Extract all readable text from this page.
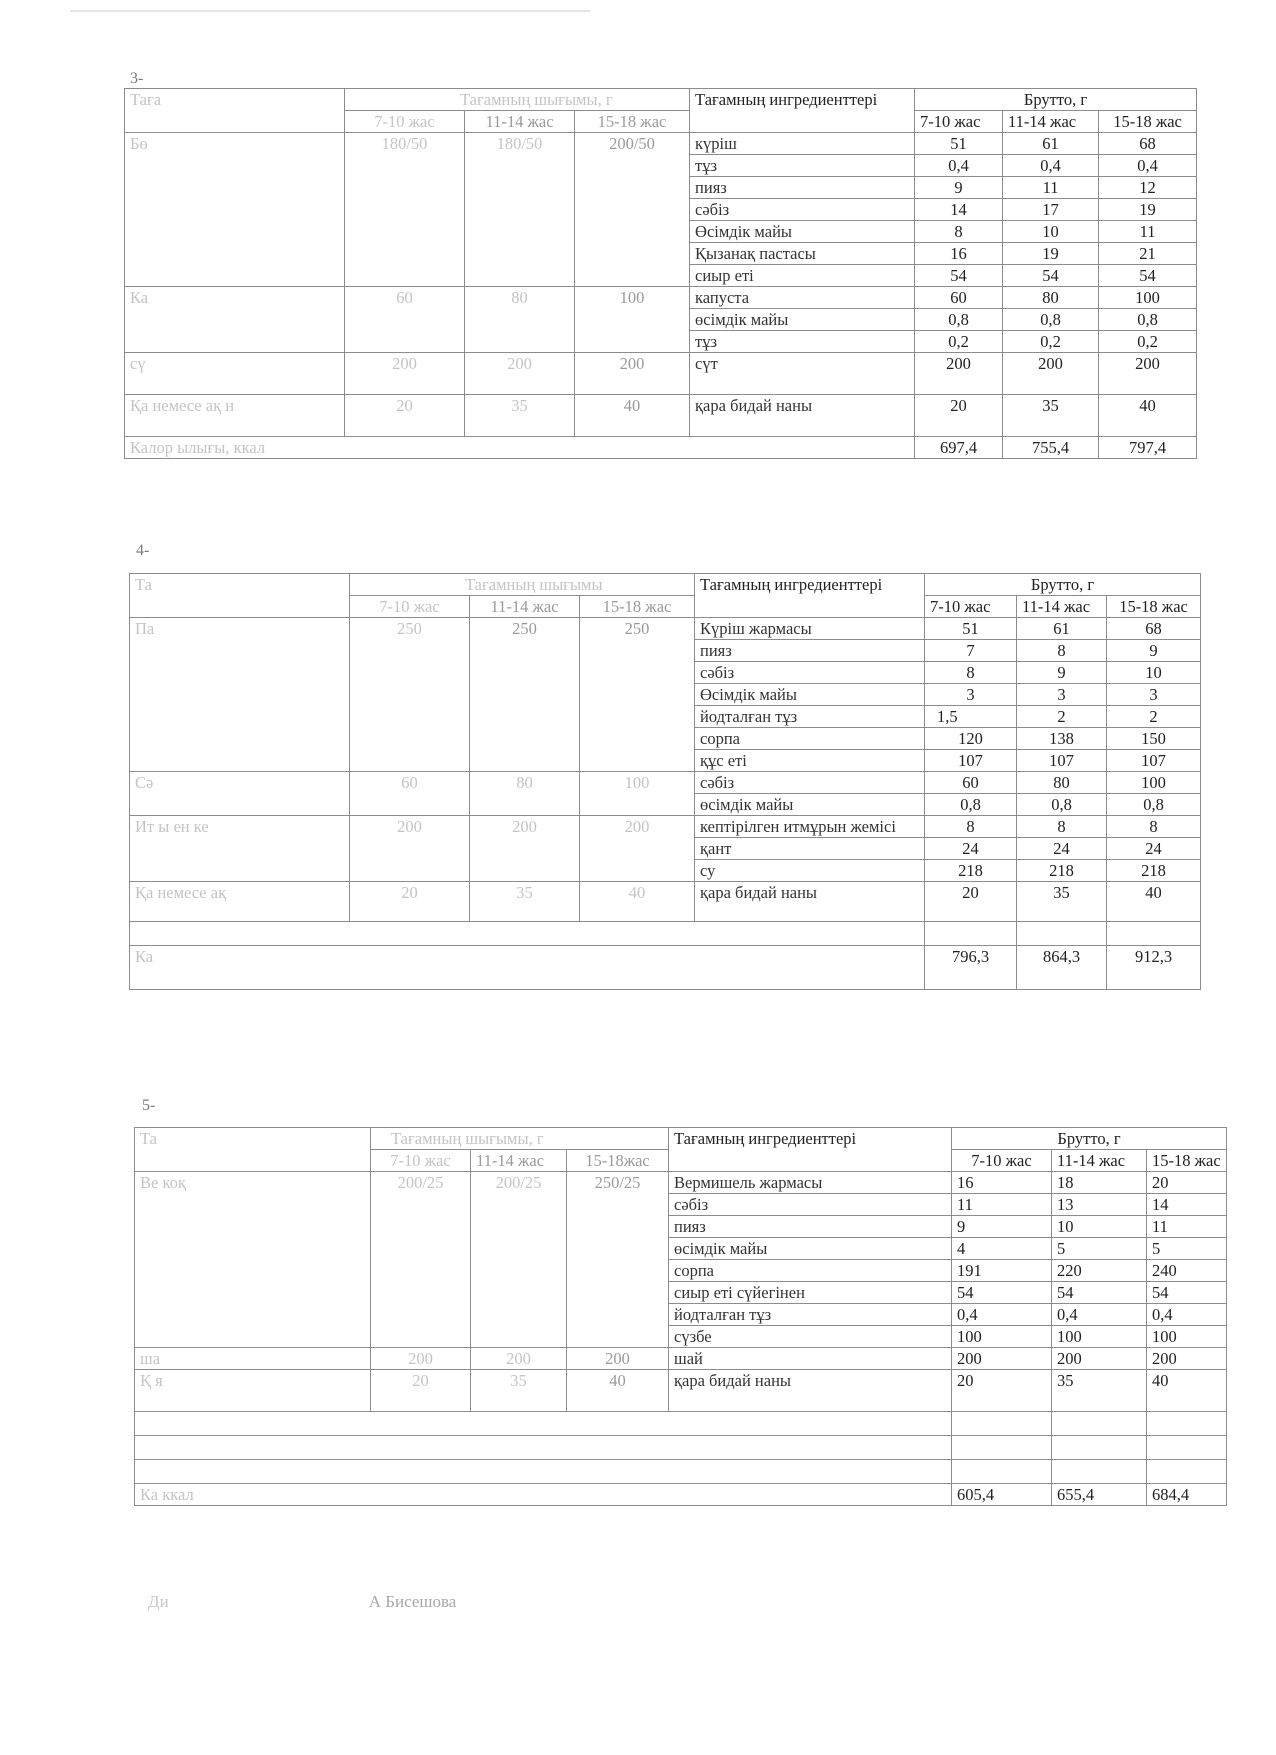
3-
Таға	Тағамның шығымы, г			Тағамның ингредиенттері	Брутто, г		
	7-10 жас	11-14 жас	15-18 жас		7-10 жас	11-14 жас	15-18 жас
Бө	180/50	180/50	200/50	күріш	51	61	68
				тұз	0,4	0,4	0,4
				пияз	9	11	12
				сәбіз	14	17	19
				Өсімдік майы	8	10	11
				Қызанақ пастасы	16	19	21
				сиыр еті	54	54	54
Ка	60	80	100	капуста	60	80	100
				өсімдік майы	0,8	0,8	0,8
				тұз	0,2	0,2	0,2
сү	200	200	200	сүт	200	200	200
Қа немесе ақ н	20	35	40	қара бидай наны	20	35	40
Калор ылығы, ккал					697,4	755,4	797,4
4-
Та	Тағамның шығымы			Тағамның ингредиенттері	Брутто, г		
	7-10 жас	11-14 жас	15-18 жас		7-10 жас	11-14 жас	15-18 жас
Па	250	250	250	Күріш жармасы	51	61	68
				пияз	7	8	9
				сәбіз	8	9	10
				Өсімдік майы	3	3	3
				йодталған тұз	1,5	2	2
				сорпа	120	138	150
				құс еті	107	107	107
Сә	60	80	100	сәбіз	60	80	100
				өсімдік майы	0,8	0,8	0,8
Ит ы ен ке	200	200	200	кептірілген итмұрын жемісі	8	8	8
				қант	24	24	24
				су	218	218	218
Қа немесе ақ	20	35	40	қара бидай наны	20	35	40

Ка					796,3	864,3	912,3
5-
Та	Тағамның шығымы, г			Тағамның ингредиенттері	Брутто, г		
	7-10 жас	11-14 жас	15-18жас		7-10 жас	11-14 жас	15-18 жас
Ве коқ	200/25	200/25	250/25	Вермишель жармасы	16	18	20
				сәбіз	11	13	14
				пияз	9	10	11
				өсімдік майы	4	5	5
				сорпа	191	220	240
				сиыр еті сүйегінен	54	54	54
				йодталған тұз	0,4	0,4	0,4
				сүзбе	100	100	100
ша	200	200	200	шай	200	200	200
Қ я	20	35	40	қара бидай наны	20	35	40

Ка ккал					605,4	655,4	684,4
Ди	А Бисешова
